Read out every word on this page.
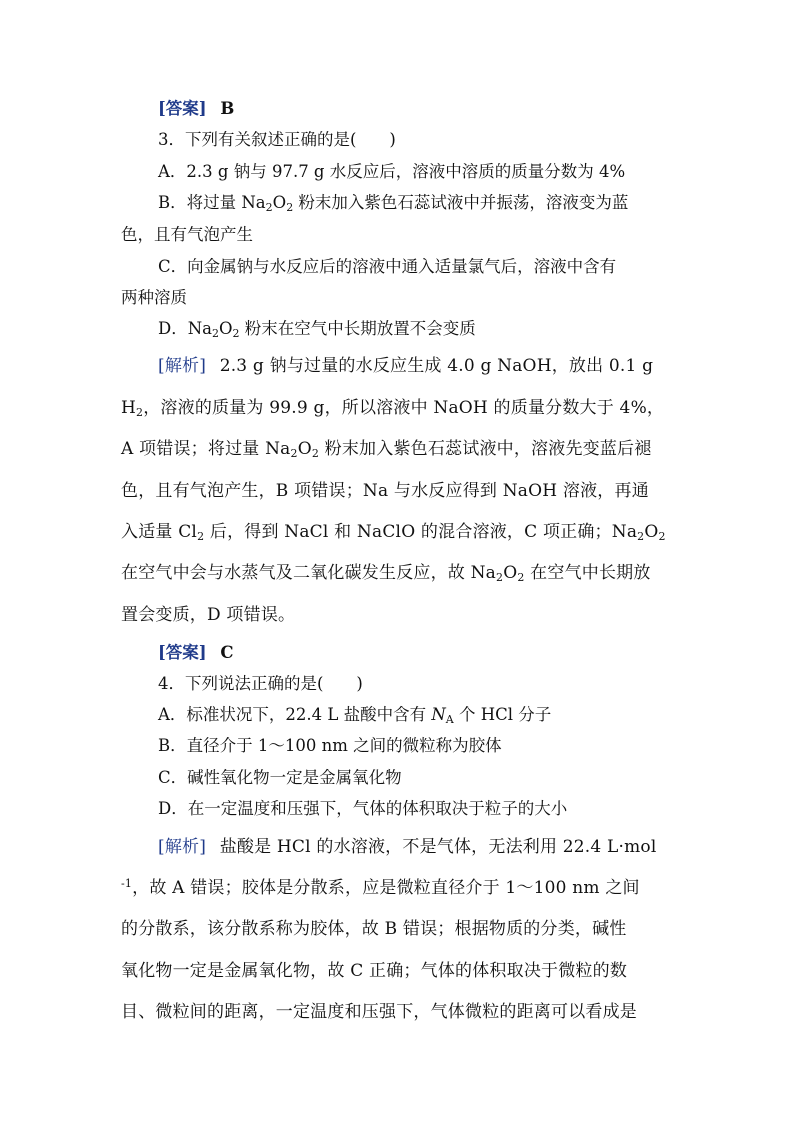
[答案] B
3．下列有关叙述正确的是(　　)
A．2.3 g 钠与 97.7 g 水反应后，溶液中溶质的质量分数为 4%
B．将过量 $Na_2O_2$ 粉末加入紫色石蕊试液中并振荡，溶液变为蓝
色，且有气泡产生
C．向金属钠与水反应后的溶液中通入适量氯气后，溶液中含有
两种溶质
D．$Na_2O_2$ 粉末在空气中长期放置不会变质
[解析] 2.3 g 钠与过量的水反应生成 4.0 g NaOH，放出 0.1 g
$H_2$，溶液的质量为 99.9 g，所以溶液中 NaOH 的质量分数大于 4%，
A 项错误；将过量 $Na_2O_2$ 粉末加入紫色石蕊试液中，溶液先变蓝后褪
色，且有气泡产生，B 项错误；Na 与水反应得到 NaOH 溶液，再通
入适量 $Cl_2$ 后，得到 NaCl 和 NaClO 的混合溶液，C 项正确；$Na_2O_2$
在空气中会与水蒸气及二氧化碳发生反应，故 $Na_2O_2$ 在空气中长期放
置会变质，D 项错误。
[答案] C
4．下列说法正确的是(　　)
A．标准状况下，22.4 L 盐酸中含有 $N_A$ 个 HCl 分子
B．直径介于 1～100 nm 之间的微粒称为胶体
C．碱性氧化物一定是金属氧化物
D．在一定温度和压强下，气体的体积取决于粒子的大小
[解析] 盐酸是 HCl 的水溶液，不是气体，无法利用 22.4 L·mol
$^{-1}$，故 A 错误；胶体是分散系，应是微粒直径介于 1～100 nm 之间
的分散系，该分散系称为胶体，故 B 错误；根据物质的分类，碱性
氧化物一定是金属氧化物，故 C 正确；气体的体积取决于微粒的数
目、微粒间的距离，一定温度和压强下，气体微粒的距离可以看成是
